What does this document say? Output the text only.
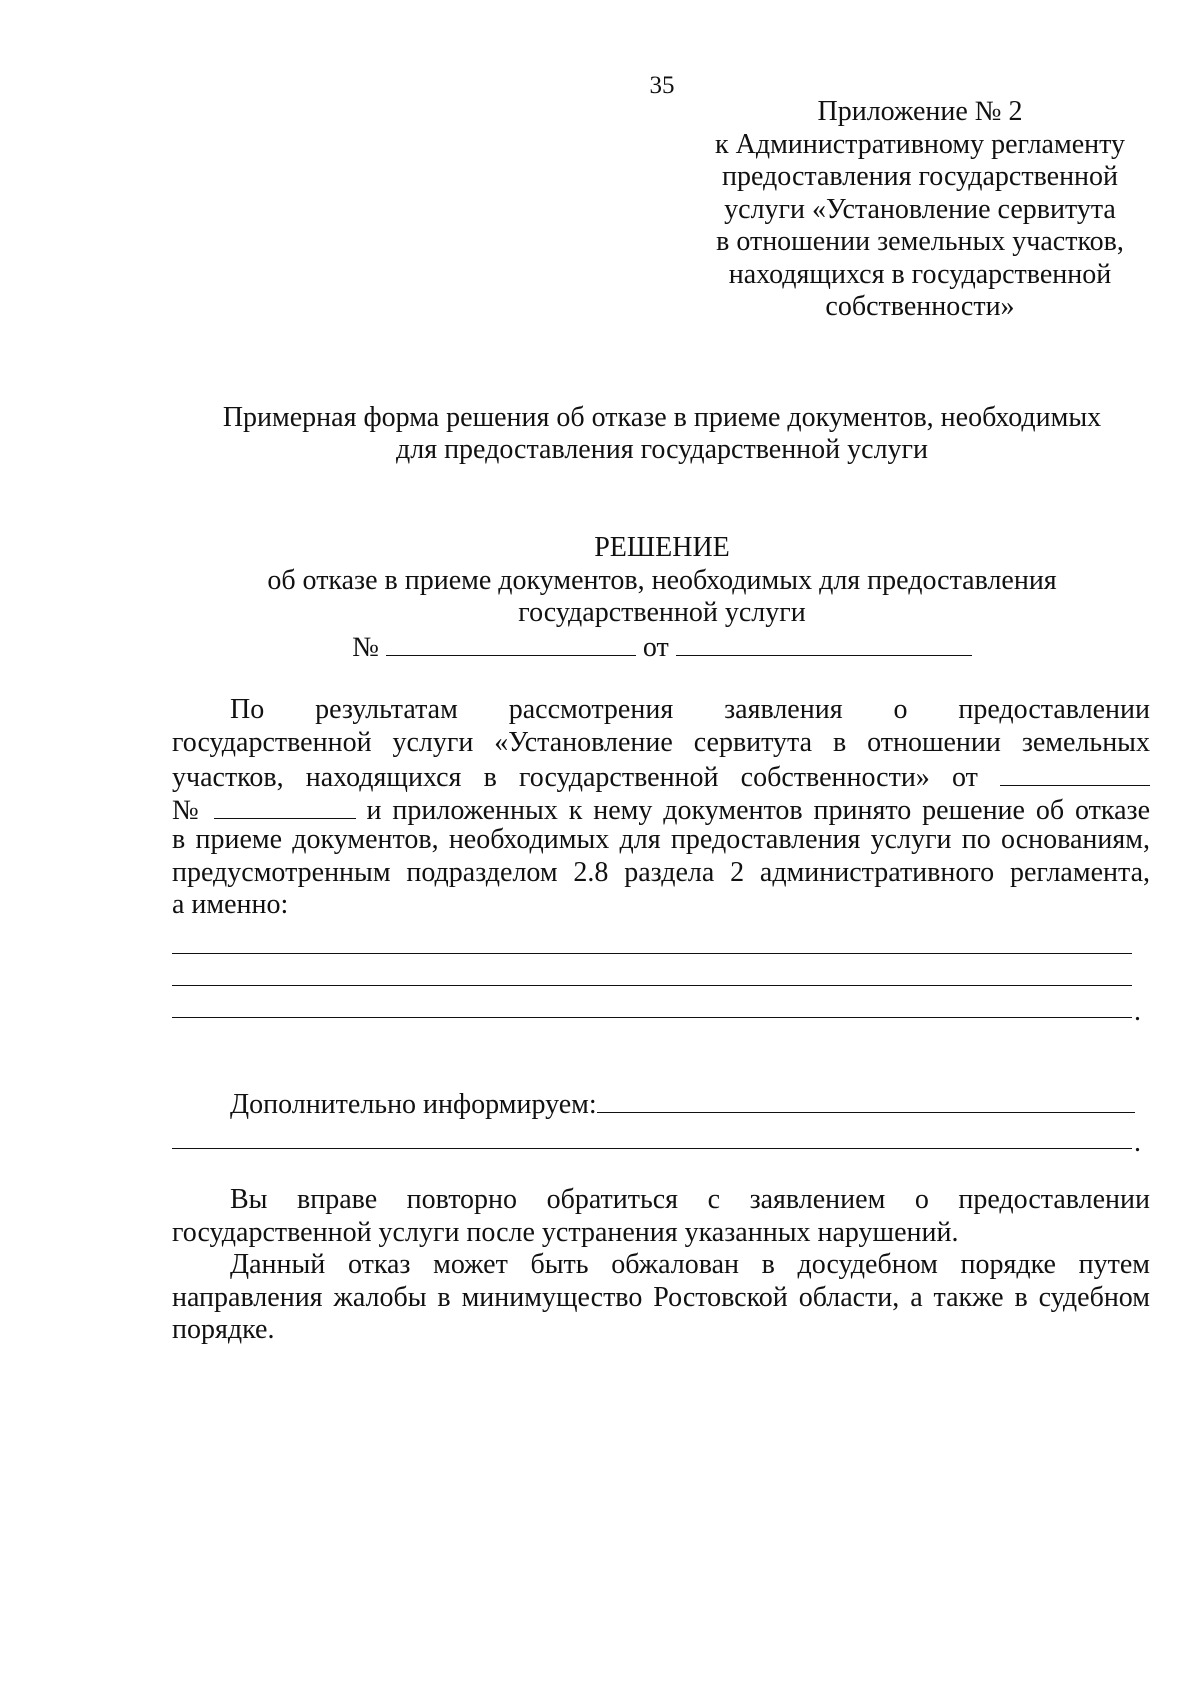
35
Приложение № 2
к Административному регламенту
предоставления государственной
услуги «Установление сервитута
в отношении земельных участков,
находящихся в государственной
собственности»
Примерная форма решения об отказе в приеме документов, необходимых
для предоставления государственной услуги
РЕШЕНИЕ
об отказе в приеме документов, необходимых для предоставления
государственной услуги
№	от
По результатам рассмотрения заявления о предоставлении
государственной услуги «Установление сервитута в отношении земельных
участков, находящихся в государственной собственности» от
№	и приложенных к нему документов принято решение об отказе
в приеме документов, необходимых для предоставления услуги по основаниям,
предусмотренным подразделом 2.8 раздела 2 административного регламента,
а именно:
.
Дополнительно информируем:
.
Вы вправе повторно обратиться с заявлением о предоставлении
государственной услуги после устранения указанных нарушений.
Данный отказ может быть обжалован в досудебном порядке путем
направления жалобы в минимущество Ростовской области, а также в судебном
порядке.
